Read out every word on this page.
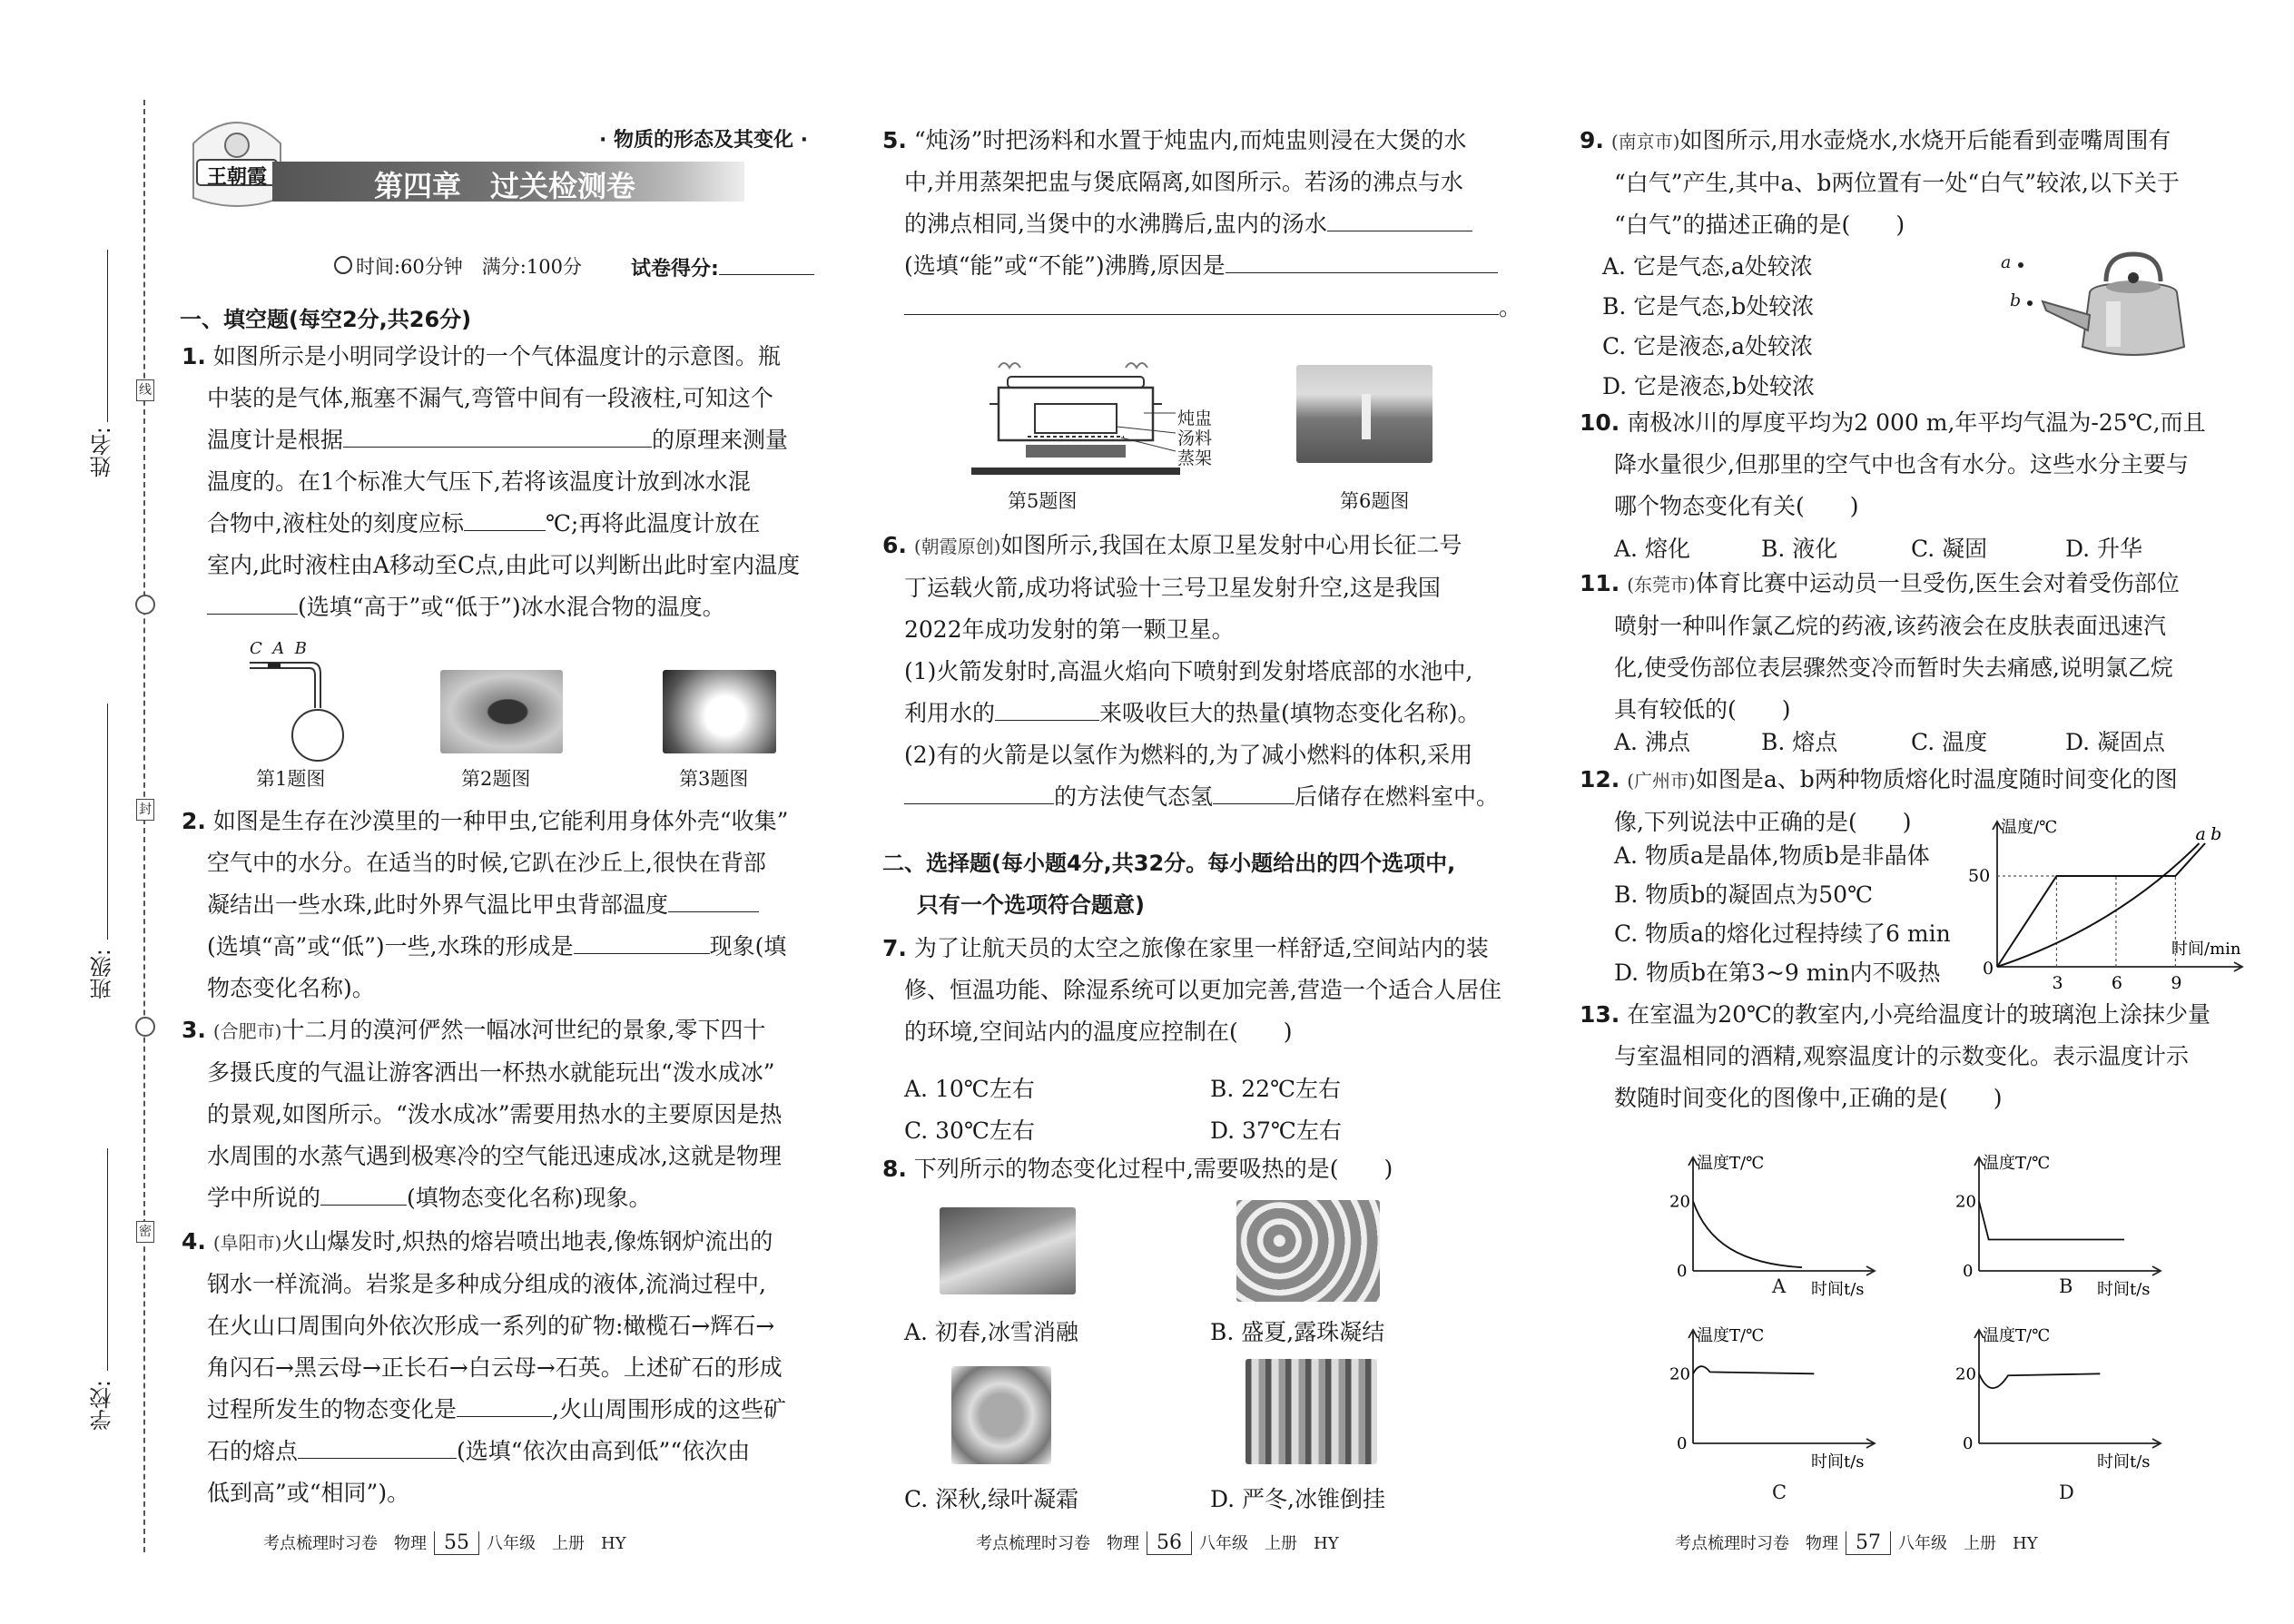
姓名:
班级:
学校:
线
封
密
王朝霞
· 物质的形态及其变化 ·
第四章　过关检测卷
时间:60分钟　满分:100分 试卷得分:
一、填空题(每空2分,共26分)
1. 如图所示是小明同学设计的一个气体温度计的示意图。瓶
中装的是气体,瓶塞不漏气,弯管中间有一段液柱,可知这个
温度计是根据	的原理来测量
温度的。在1个标准大气压下,若将该温度计放到冰水混
合物中,液柱处的刻度应标	℃;再将此温度计放在
室内,此时液柱由A移动至C点,由此可以判断出此时室内温度
(选填“高于”或“低于”)冰水混合物的温度。
C  A  B
第1题图	第2题图	第3题图
2. 如图是生存在沙漠里的一种甲虫,它能利用身体外壳“收集”
空气中的水分。在适当的时候,它趴在沙丘上,很快在背部
凝结出一些水珠,此时外界气温比甲虫背部温度
(选填“高”或“低”)一些,水珠的形成是	现象(填
物态变化名称)。
3. (合肥市)十二月的漠河俨然一幅冰河世纪的景象,零下四十
多摄氏度的气温让游客洒出一杯热水就能玩出“泼水成冰”
的景观,如图所示。“泼水成冰”需要用热水的主要原因是热
水周围的水蒸气遇到极寒冷的空气能迅速成冰,这就是物理
学中所说的	(填物态变化名称)现象。
4. (阜阳市)火山爆发时,炽热的熔岩喷出地表,像炼钢炉流出的
钢水一样流淌。岩浆是多种成分组成的液体,流淌过程中,
在火山口周围向外依次形成一系列的矿物:橄榄石→辉石→
角闪石→黑云母→正长石→白云母→石英。上述矿石的形成
过程所发生的物态变化是	,火山周围形成的这些矿
石的熔点	(选填“依次由高到低”“依次由
低到高”或“相同”)。
考点梳理时习卷　 物理 55 八年级　 上册　 HY
5. “炖汤”时把汤料和水置于炖盅内,而炖盅则浸在大煲的水
中,并用蒸架把盅与煲底隔离,如图所示。若汤的沸点与水
的沸点相同,当煲中的水沸腾后,盅内的汤水
(选填“能”或“不能”)沸腾,原因是
。
炖盅
汤料
蒸架
第5题图	第6题图
6. (朝霞原创)如图所示,我国在太原卫星发射中心用长征二号
丁运载火箭,成功将试验十三号卫星发射升空,这是我国
2022年成功发射的第一颗卫星。
(1)火箭发射时,高温火焰向下喷射到发射塔底部的水池中,
利用水的	来吸收巨大的热量(填物态变化名称)。
(2)有的火箭是以氢作为燃料的,为了减小燃料的体积,采用
的方法使气态氢	后储存在燃料室中。
二、选择题(每小题4分,共32分。每小题给出的四个选项中,
只有一个选项符合题意)
7. 为了让航天员的太空之旅像在家里一样舒适,空间站内的装
修、恒温功能、除湿系统可以更加完善,营造一个适合人居住
的环境,空间站内的温度应控制在(　　)
A. 10℃左右	B. 22℃左右
C. 30℃左右	D. 37℃左右
8. 下列所示的物态变化过程中,需要吸热的是(　　)
A. 初春,冰雪消融	B. 盛夏,露珠凝结
C. 深秋,绿叶凝霜	D. 严冬,冰锥倒挂
考点梳理时习卷　 物理 56 八年级　 上册　 HY
9. (南京市)如图所示,用水壶烧水,水烧开后能看到壶嘴周围有
“白气”产生,其中a、b两位置有一处“白气”较浓,以下关于
“白气”的描述正确的是(　　)
A. 它是气态,a处较浓
B. 它是气态,b处较浓
C. 它是液态,a处较浓
D. 它是液态,b处较浓
a
b
10. 南极冰川的厚度平均为2 000 m,年平均气温为-25℃,而且
降水量很少,但那里的空气中也含有水分。这些水分主要与
哪个物态变化有关(　　)
A. 熔化	B. 液化	C. 凝固	D. 升华
11. (东莞市)体育比赛中运动员一旦受伤,医生会对着受伤部位
喷射一种叫作氯乙烷的药液,该药液会在皮肤表面迅速汽
化,使受伤部位表层骤然变冷而暂时失去痛感,说明氯乙烷
具有较低的(　　)
A. 沸点	B. 熔点	C. 温度	D. 凝固点
12. (广州市)如图是a、b两种物质熔化时温度随时间变化的图
像,下列说法中正确的是(　　)
A. 物质a是晶体,物质b是非晶体
B. 物质b的凝固点为50℃
C. 物质a的熔化过程持续了6 min
D. 物质b在第3~9 min内不吸热
温度/℃
时间/min
0
3	6	9
50
a b
13. 在室温为20℃的教室内,小亮给温度计的玻璃泡上涂抹少量
与室温相同的酒精,观察温度计的示数变化。表示温度计示
数随时间变化的图像中,正确的是(　　)
温度T/℃
时间t/s
20
0
温度T/℃
时间t/s
20
0
A	B
温度T/℃
时间t/s
20
0
温度T/℃
时间t/s
20
0
C	D
考点梳理时习卷　 物理 57 八年级　 上册　 HY
